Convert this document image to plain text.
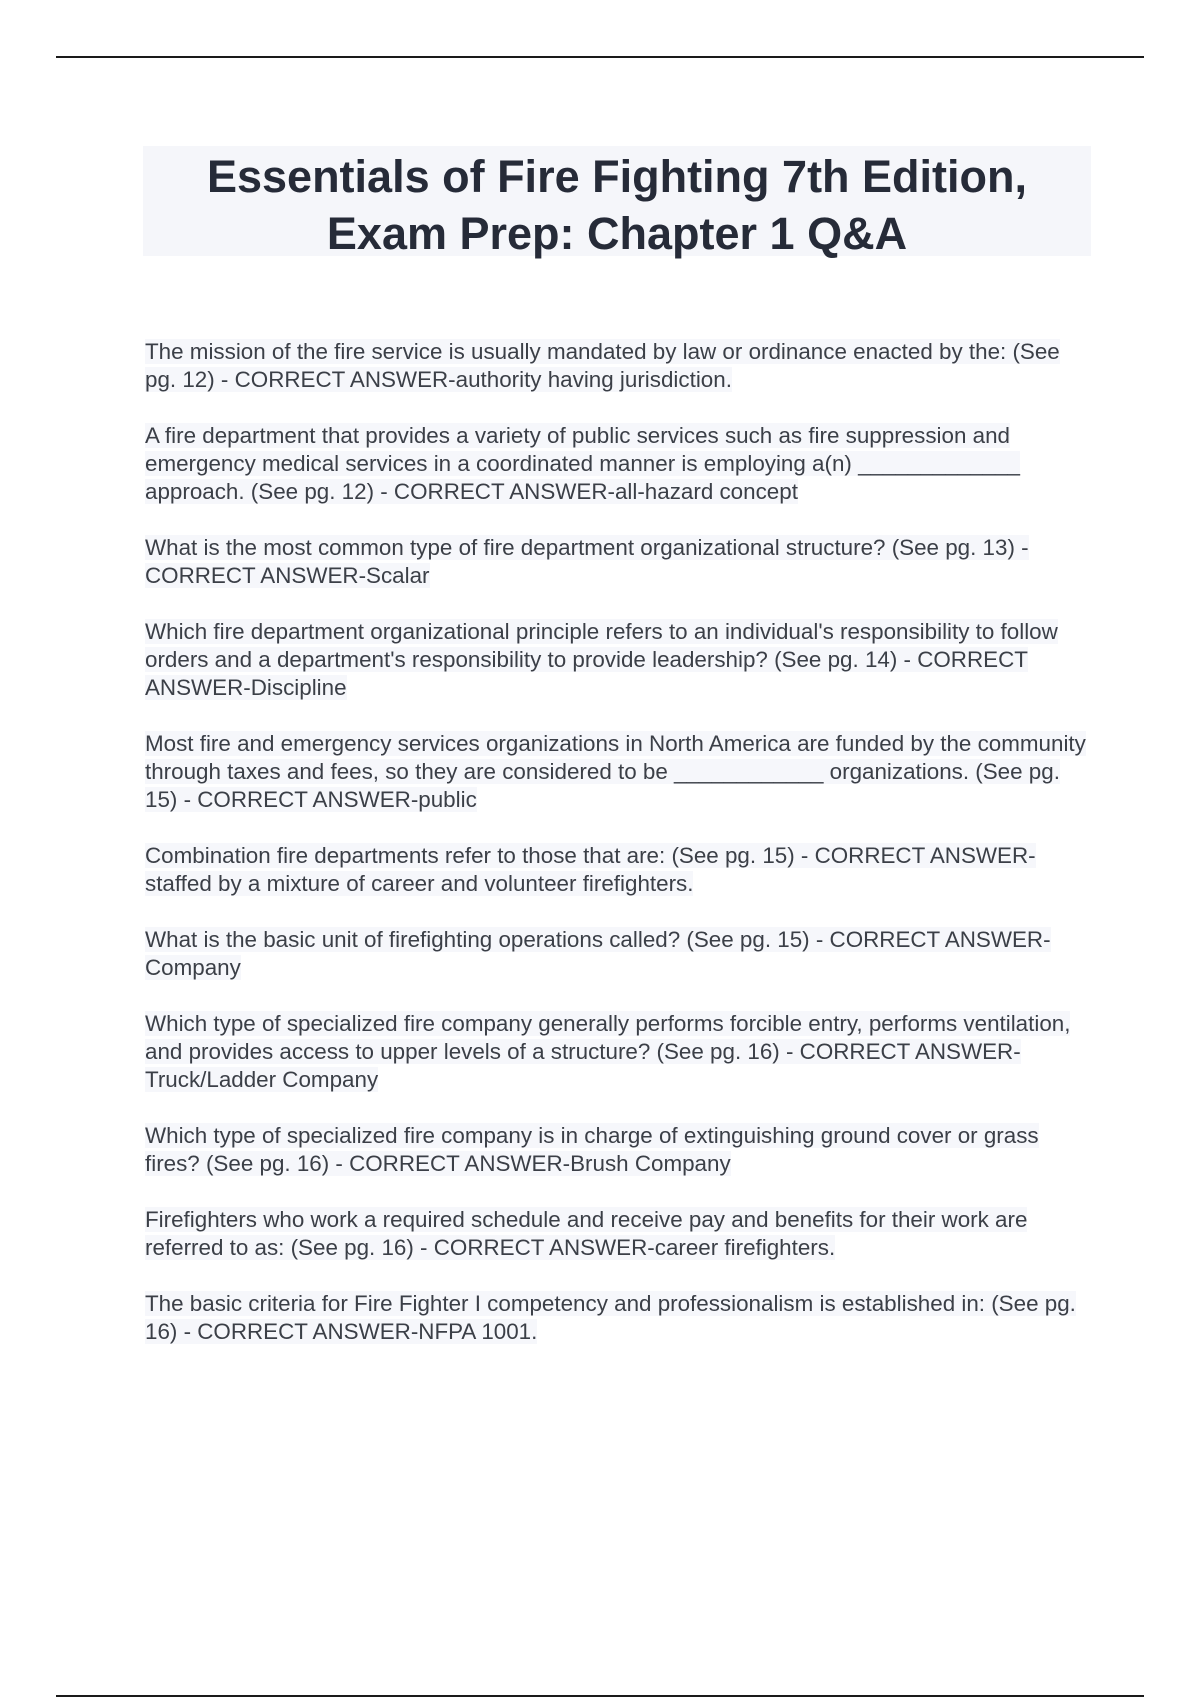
Essentials of Fire Fighting 7th Edition,
Exam Prep: Chapter 1 Q&A

The mission of the fire service is usually mandated by law or ordinance enacted by the: (See pg. 12) - CORRECT ANSWER-authority having jurisdiction.

A fire department that provides a variety of public services such as fire suppression and emergency medical services in a coordinated manner is employing a(n) _____________ approach. (See pg. 12) - CORRECT ANSWER-all-hazard concept

What is the most common type of fire department organizational structure? (See pg. 13) - CORRECT ANSWER-Scalar

Which fire department organizational principle refers to an individual's responsibility to follow orders and a department's responsibility to provide leadership? (See pg. 14) - CORRECT ANSWER-Discipline

Most fire and emergency services organizations in North America are funded by the community through taxes and fees, so they are considered to be ____________ organizations. (See pg. 15) - CORRECT ANSWER-public

Combination fire departments refer to those that are: (See pg. 15) - CORRECT ANSWER-staffed by a mixture of career and volunteer firefighters.

What is the basic unit of firefighting operations called? (See pg. 15) - CORRECT ANSWER-Company

Which type of specialized fire company generally performs forcible entry, performs ventilation, and provides access to upper levels of a structure? (See pg. 16) - CORRECT ANSWER-Truck/Ladder Company

Which type of specialized fire company is in charge of extinguishing ground cover or grass fires? (See pg. 16) - CORRECT ANSWER-Brush Company

Firefighters who work a required schedule and receive pay and benefits for their work are referred to as: (See pg. 16) - CORRECT ANSWER-career firefighters.

The basic criteria for Fire Fighter I competency and professionalism is established in: (See pg. 16) - CORRECT ANSWER-NFPA 1001.
